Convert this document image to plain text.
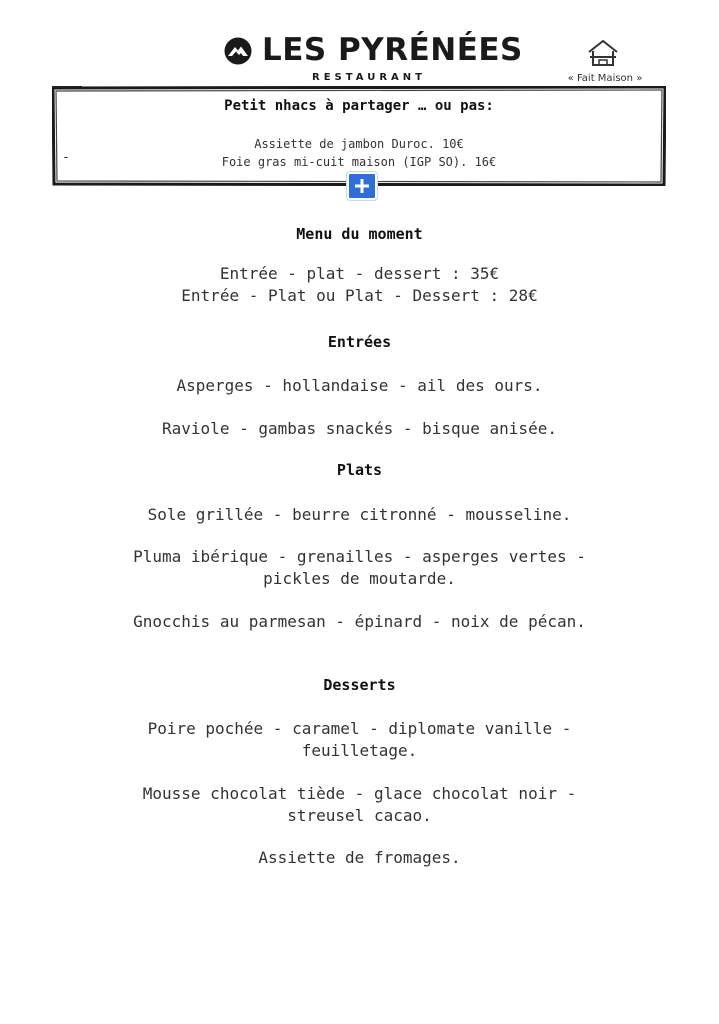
LES PYRÉNÉES
RESTAURANT	« Fait Maison »
Petit nhacs à partager … ou pas:
-
Assiette de jambon Duroc. 10€
Foie gras mi-cuit maison (IGP SO). 16€
Menu du moment
Entrée - plat - dessert : 35€
Entrée - Plat ou Plat - Dessert : 28€
Entrées
Asperges - hollandaise - ail des ours.
Raviole - gambas snackés - bisque anisée.
Plats
Sole grillée - beurre citronné - mousseline.
Pluma ibérique - grenailles - asperges vertes -
pickles de moutarde.
Gnocchis au parmesan - épinard - noix de pécan.
Desserts
Poire pochée - caramel - diplomate vanille -
feuilletage.
Mousse chocolat tiède - glace chocolat noir -
streusel cacao.
Assiette de fromages.
